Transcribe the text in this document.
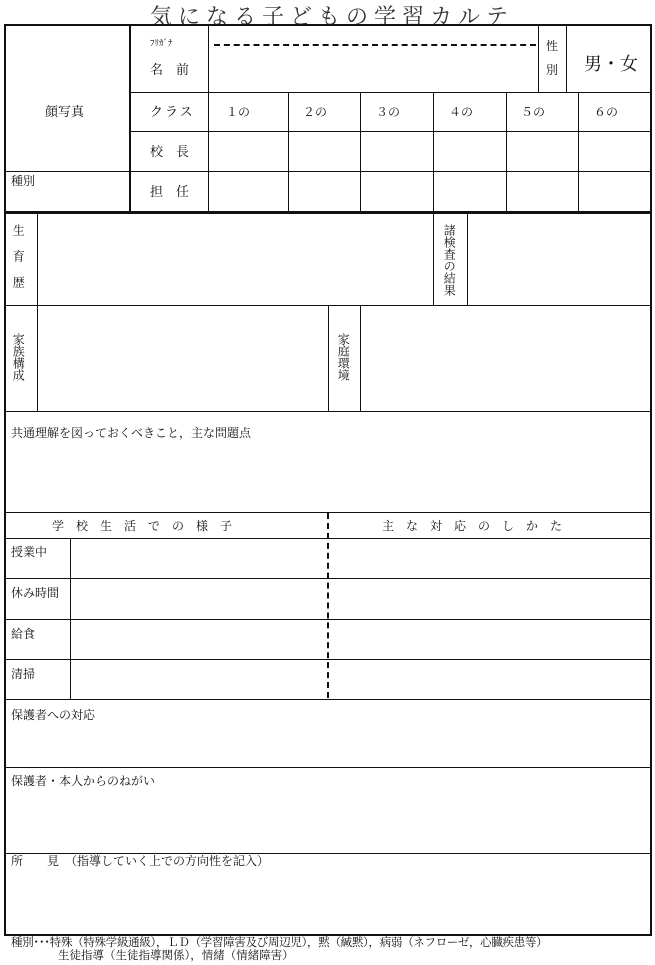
気になる子どもの学習カルテ
顔写真
種別
ﾌﾘｶﾞﾅ
名　前
性
別 男・女
クラス	１の	２の	３の	４の	５の	６の
校　長
担　任
生育歴	諸検査の結果
家族構成	家庭環境
共通理解を図っておくべきこと，主な問題点
学　校　生　活　で　の　様　子	主　な　対　応　の　し　か　た
授業中
休み時間
給食
清掃
保護者への対応
保護者・本人からのねがい
所　　見　（指導していく上での方向性を記入）
種別･･･特殊（特殊学級通級），ＬＤ（学習障害及び周辺児），黙（緘黙），病弱（ネフローゼ，心臓疾患等）
生徒指導（生徒指導関係），情緒（情緒障害）
